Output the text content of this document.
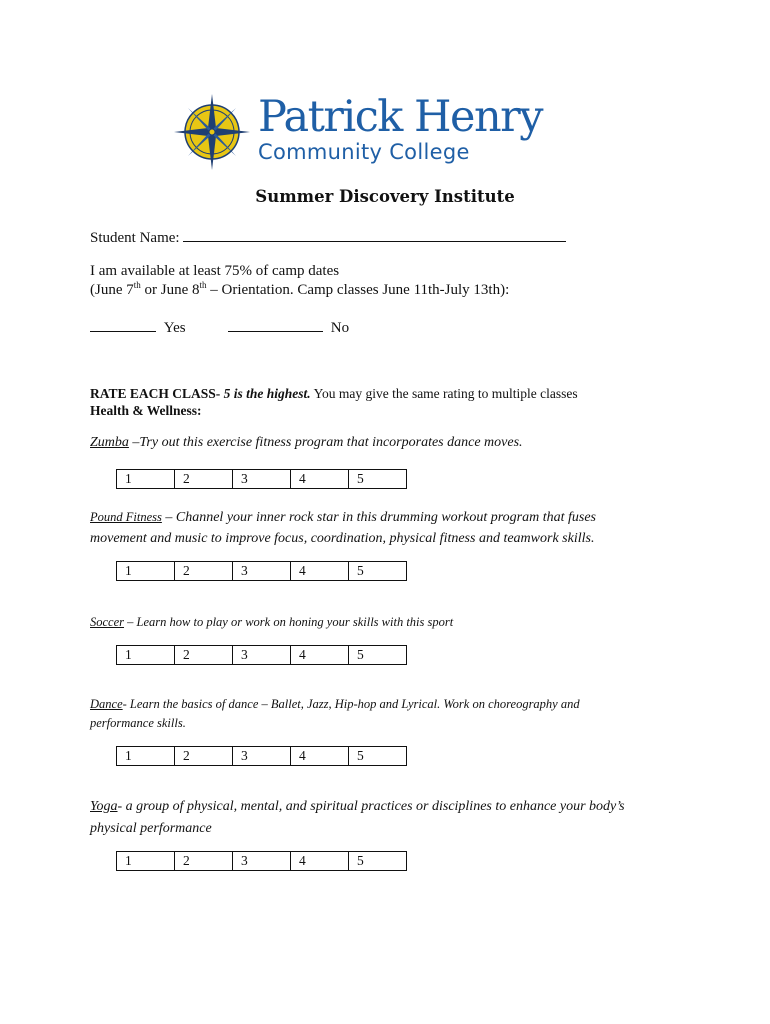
Patrick Henry
Community College
Summer Discovery Institute
Student Name:
I am available at least 75% of camp dates
(June 7th or June 8th – Orientation. Camp classes June 11th-July 13th):
Yes	No
RATE EACH CLASS- 5 is the highest. You may give the same rating to multiple classes
Health & Wellness:
Zumba –Try out this exercise fitness program that incorporates dance moves.
1	2	3	4	5
Pound Fitness – Channel your inner rock star in this drumming workout program that fuses
movement and music to improve focus, coordination, physical fitness and teamwork skills.
1	2	3	4	5
Soccer – Learn how to play or work on honing your skills with this sport
1	2	3	4	5
Dance- Learn the basics of dance – Ballet, Jazz, Hip-hop and Lyrical. Work on choreography and
performance skills.
1	2	3	4	5
Yoga- a group of physical, mental, and spiritual practices or disciplines to enhance your body’s
physical performance
1	2	3	4	5
